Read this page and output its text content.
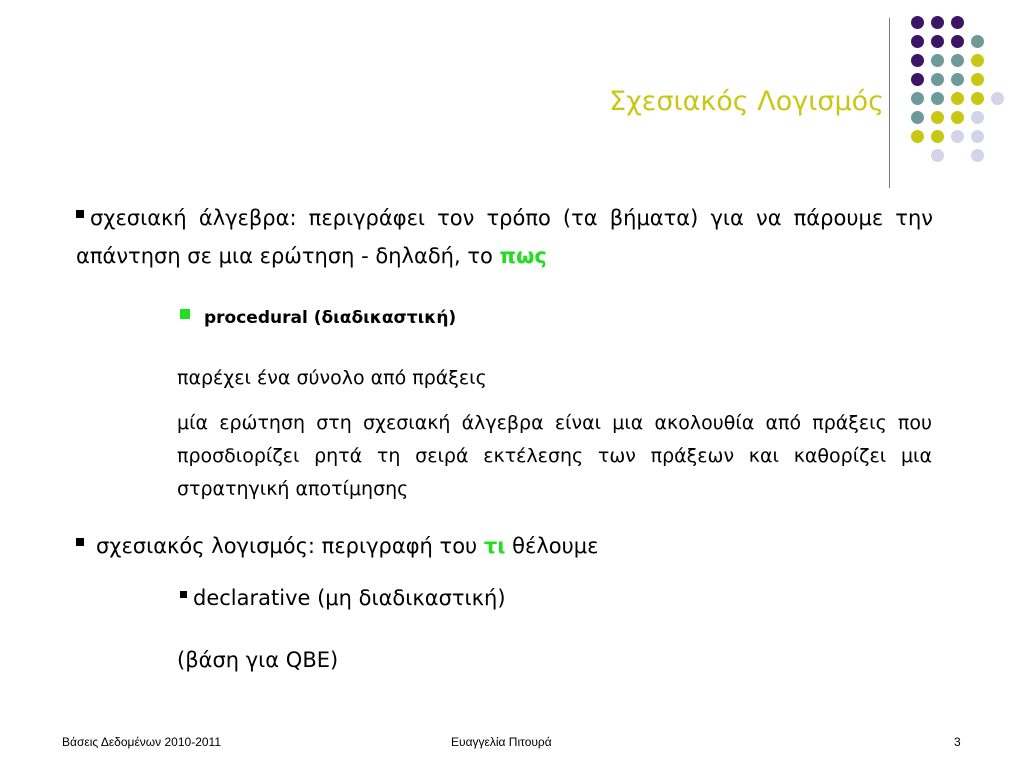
Σχεσιακός Λογισμός
σχεσιακή άλγεβρα: περιγράφει τον τρόπο (τα βήματα) για να πάρουμε την απάντηση σε μια ερώτηση - δηλαδή, το πως
procedural (διαδικαστική)
παρέχει ένα σύνολο από πράξεις
μία ερώτηση στη σχεσιακή άλγεβρα είναι μια ακολουθία από πράξεις που προσδιορίζει ρητά τη σειρά εκτέλεσης των πράξεων και καθορίζει μια στρατηγική αποτίμησης
σχεσιακός λογισμός: περιγραφή του τι θέλουμε
declarative (μη διαδικαστική)
(βάση για QBE)
Βάσεις Δεδομένων 2010-2011	Ευαγγελία Πιτουρά	3
